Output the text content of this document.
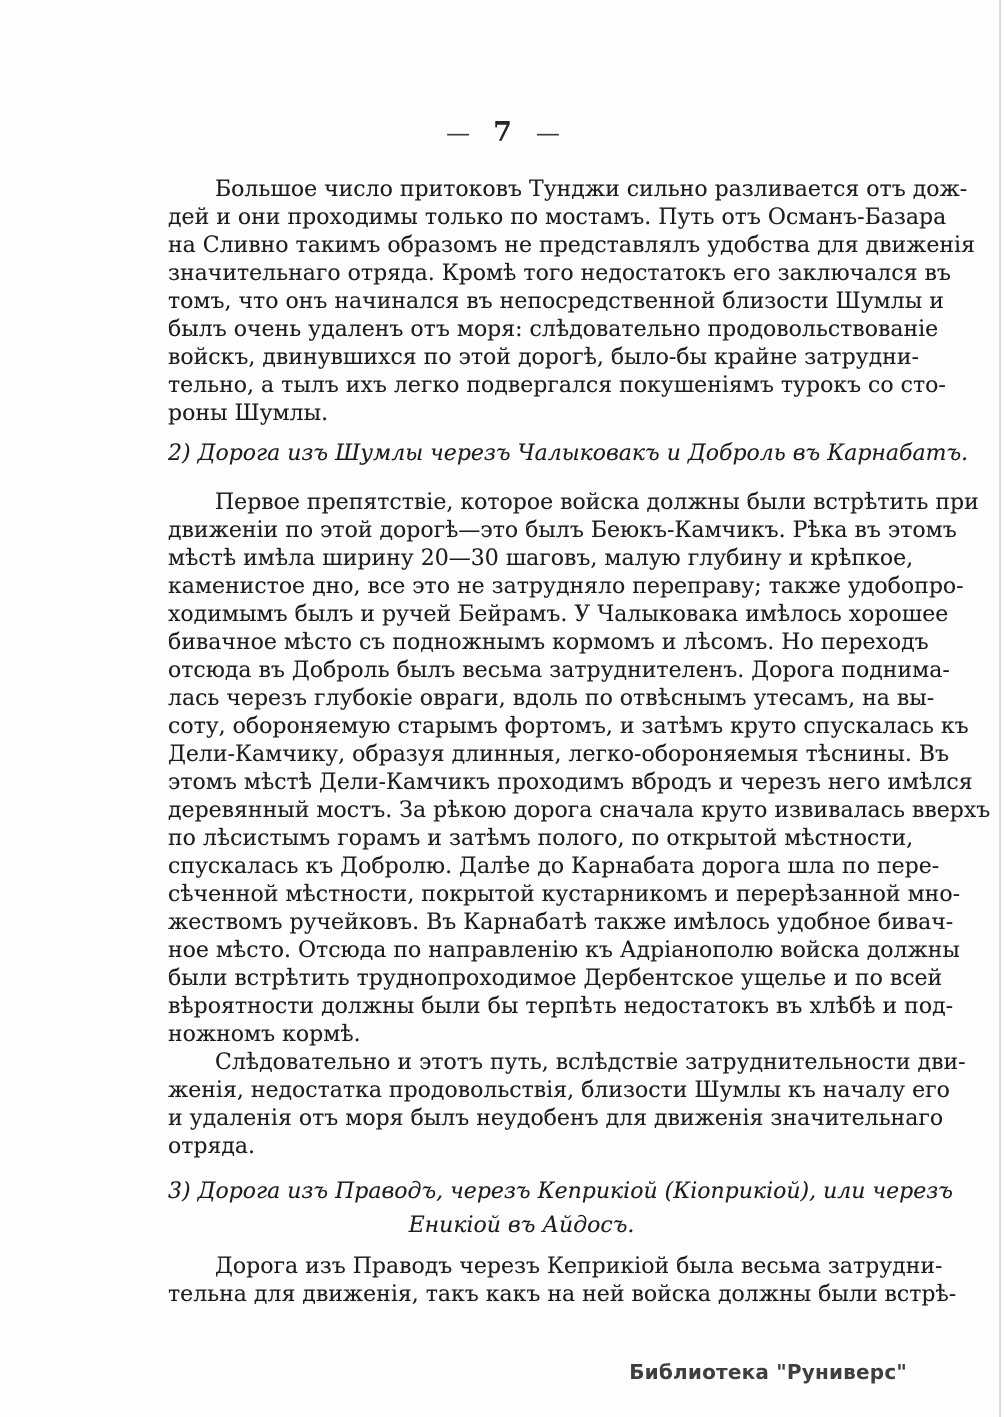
— 7 —
Большое число притоковъ Тунджи сильно разливается отъ дож-
дей и они проходимы только по мостамъ. Путь отъ Османъ-Базара
на Сливно такимъ образомъ не представлялъ удобства для движенія
значительнаго отряда. Кромѣ того недостатокъ его заключался въ
томъ, что онъ начинался въ непосредственной близости Шумлы и
былъ очень удаленъ отъ моря: слѣдовательно продовольствованіе
войскъ, двинувшихся по этой дорогѣ, было-бы крайне затрудни-
тельно, а тылъ ихъ легко подвергался покушеніямъ турокъ со сто-
роны Шумлы.
2) Дорога изъ Шумлы черезъ Чалыковакъ и Доброль въ Карнабатъ.
Первое препятствіе, которое войска должны были встрѣтить при
движеніи по этой дорогѣ—это былъ Беюкъ-Камчикъ. Рѣка въ этомъ
мѣстѣ имѣла ширину 20—30 шаговъ, малую глубину и крѣпкое,
каменистое дно, все это не затрудняло переправу; также удобопро-
ходимымъ былъ и ручей Бейрамъ. У Чалыковака имѣлось хорошее
бивачное мѣсто съ подножнымъ кормомъ и лѣсомъ. Но переходъ
отсюда въ Доброль былъ весьма затруднителенъ. Дорога поднима-
лась черезъ глубокіе овраги, вдоль по отвѣснымъ утесамъ, на вы-
соту, обороняемую старымъ фортомъ, и затѣмъ круто спускалась къ
Дели-Камчику, образуя длинныя, легко-обороняемыя тѣснины. Въ
этомъ мѣстѣ Дели-Камчикъ проходимъ вбродъ и черезъ него имѣлся
деревянный мостъ. За рѣкою дорога сначала круто извивалась вверхъ
по лѣсистымъ горамъ и затѣмъ полого, по открытой мѣстности,
спускалась къ Добролю. Далѣе до Карнабата дорога шла по пере-
сѣченной мѣстности, покрытой кустарникомъ и перерѣзанной мно-
жествомъ ручейковъ. Въ Карнабатѣ также имѣлось удобное бивач-
ное мѣсто. Отсюда по направленію къ Адріанополю войска должны
были встрѣтить труднопроходимое Дербентское ущелье и по всей
вѣроятности должны были бы терпѣть недостатокъ въ хлѣбѣ и под-
ножномъ кормѣ.
Слѣдовательно и этотъ путь, вслѣдствіе затруднительности дви-
женія, недостатка продовольствія, близости Шумлы къ началу его
и удаленія отъ моря былъ неудобенъ для движенія значительнаго
отряда.
3) Дорога изъ Праводъ, черезъ Кеприкіой (Кіоприкіой), или черезъ
Еникіой въ Айдосъ.
Дорога изъ Праводъ черезъ Кеприкіой была весьма затрудни-
тельна для движенія, такъ какъ на ней войска должны были встрѣ-
Библиотека "Руниверс"
